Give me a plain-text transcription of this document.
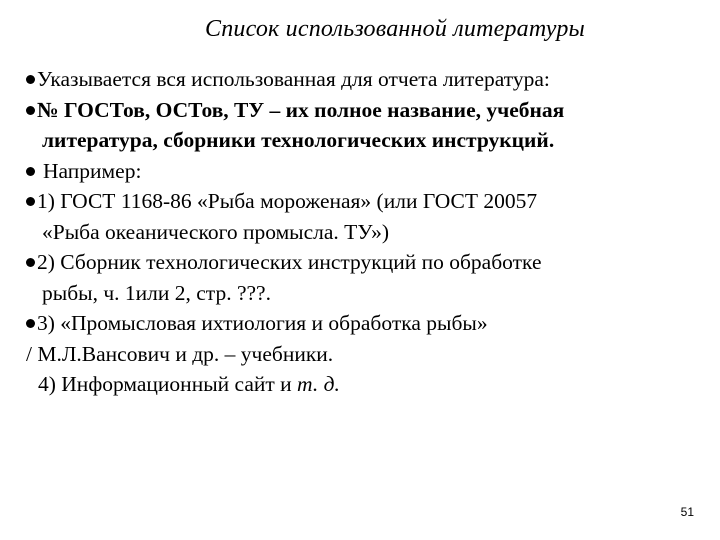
Список использованной литературы
Указывается вся использованная для отчета литература:
№ ГОСТов, ОСТов, ТУ – их полное название, учебная
литература, сборники технологических инструкций.
Например:
1) ГОСТ 1168-86 «Рыба мороженая» (или ГОСТ 20057
«Рыба океанического промысла. ТУ»)
2) Сборник технологических инструкций по обработке
рыбы, ч. 1или 2, стр. ???.
3) «Промысловая ихтиология и обработка рыбы»
/ М.Л.Вансович и др. – учебники.
4) Информационный сайт и т. д.
51
